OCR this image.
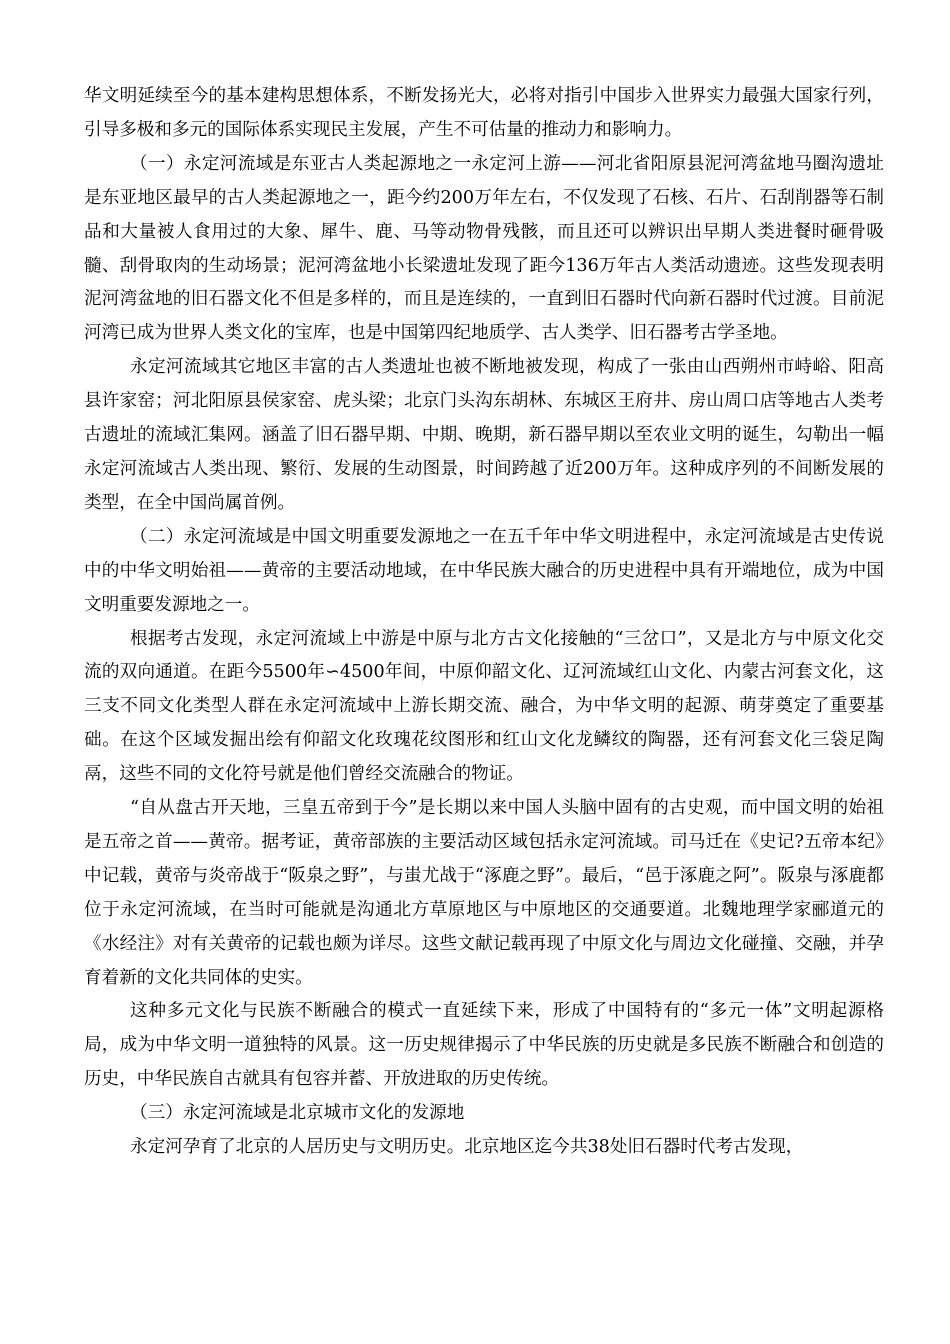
华文明延续至今的基本建构思想体系，不断发扬光大，必将对指引中国步入世界实力最强大国家行列，引导多极和多元的国际体系实现民主发展，产生不可估量的推动力和影响力。

（一）永定河流域是东亚古人类起源地之一永定河上游——河北省阳原县泥河湾盆地马圈沟遗址是东亚地区最早的古人类起源地之一，距今约200万年左右，不仅发现了石核、石片、石刮削器等石制品和大量被人食用过的大象、犀牛、鹿、马等动物骨残骸，而且还可以辨识出早期人类进餐时砸骨吸髓、刮骨取肉的生动场景；泥河湾盆地小长梁遗址发现了距今136万年古人类活动遗迹。这些发现表明泥河湾盆地的旧石器文化不但是多样的，而且是连续的，一直到旧石器时代向新石器时代过渡。目前泥河湾已成为世界人类文化的宝库，也是中国第四纪地质学、古人类学、旧石器考古学圣地。

永定河流域其它地区丰富的古人类遗址也被不断地被发现，构成了一张由山西朔州市峙峪、阳高县许家窑；河北阳原县侯家窑、虎头梁；北京门头沟东胡林、东城区王府井、房山周口店等地古人类考古遗址的流域汇集网。涵盖了旧石器早期、中期、晚期，新石器早期以至农业文明的诞生，勾勒出一幅永定河流域古人类出现、繁衍、发展的生动图景，时间跨越了近200万年。这种成序列的不间断发展的类型，在全中国尚属首例。

（二）永定河流域是中国文明重要发源地之一在五千年中华文明进程中，永定河流域是古史传说中的中华文明始祖——黄帝的主要活动地域，在中华民族大融合的历史进程中具有开端地位，成为中国文明重要发源地之一。

根据考古发现，永定河流域上中游是中原与北方古文化接触的“三岔口”，又是北方与中原文化交流的双向通道。在距今5500年∽4500年间，中原仰韶文化、辽河流域红山文化、内蒙古河套文化，这三支不同文化类型人群在永定河流域中上游长期交流、融合，为中华文明的起源、萌芽奠定了重要基础。在这个区域发掘出绘有仰韶文化玫瑰花纹图形和红山文化龙鳞纹的陶器，还有河套文化三袋足陶鬲，这些不同的文化符号就是他们曾经交流融合的物证。

“自从盘古开天地，三皇五帝到于今”是长期以来中国人头脑中固有的古史观，而中国文明的始祖是五帝之首——黄帝。据考证，黄帝部族的主要活动区域包括永定河流域。司马迁在《史记?五帝本纪》中记载，黄帝与炎帝战于“阪泉之野”，与蚩尤战于“涿鹿之野”。最后，“邑于涿鹿之阿”。阪泉与涿鹿都位于永定河流域，在当时可能就是沟通北方草原地区与中原地区的交通要道。北魏地理学家郦道元的《水经注》对有关黄帝的记载也颇为详尽。这些文献记载再现了中原文化与周边文化碰撞、交融，并孕育着新的文化共同体的史实。

这种多元文化与民族不断融合的模式一直延续下来，形成了中国特有的“多元一体”文明起源格局，成为中华文明一道独特的风景。这一历史规律揭示了中华民族的历史就是多民族不断融合和创造的历史，中华民族自古就具有包容并蓄、开放进取的历史传统。

（三）永定河流域是北京城市文化的发源地

永定河孕育了北京的人居历史与文明历史。北京地区迄今共38处旧石器时代考古发现，
